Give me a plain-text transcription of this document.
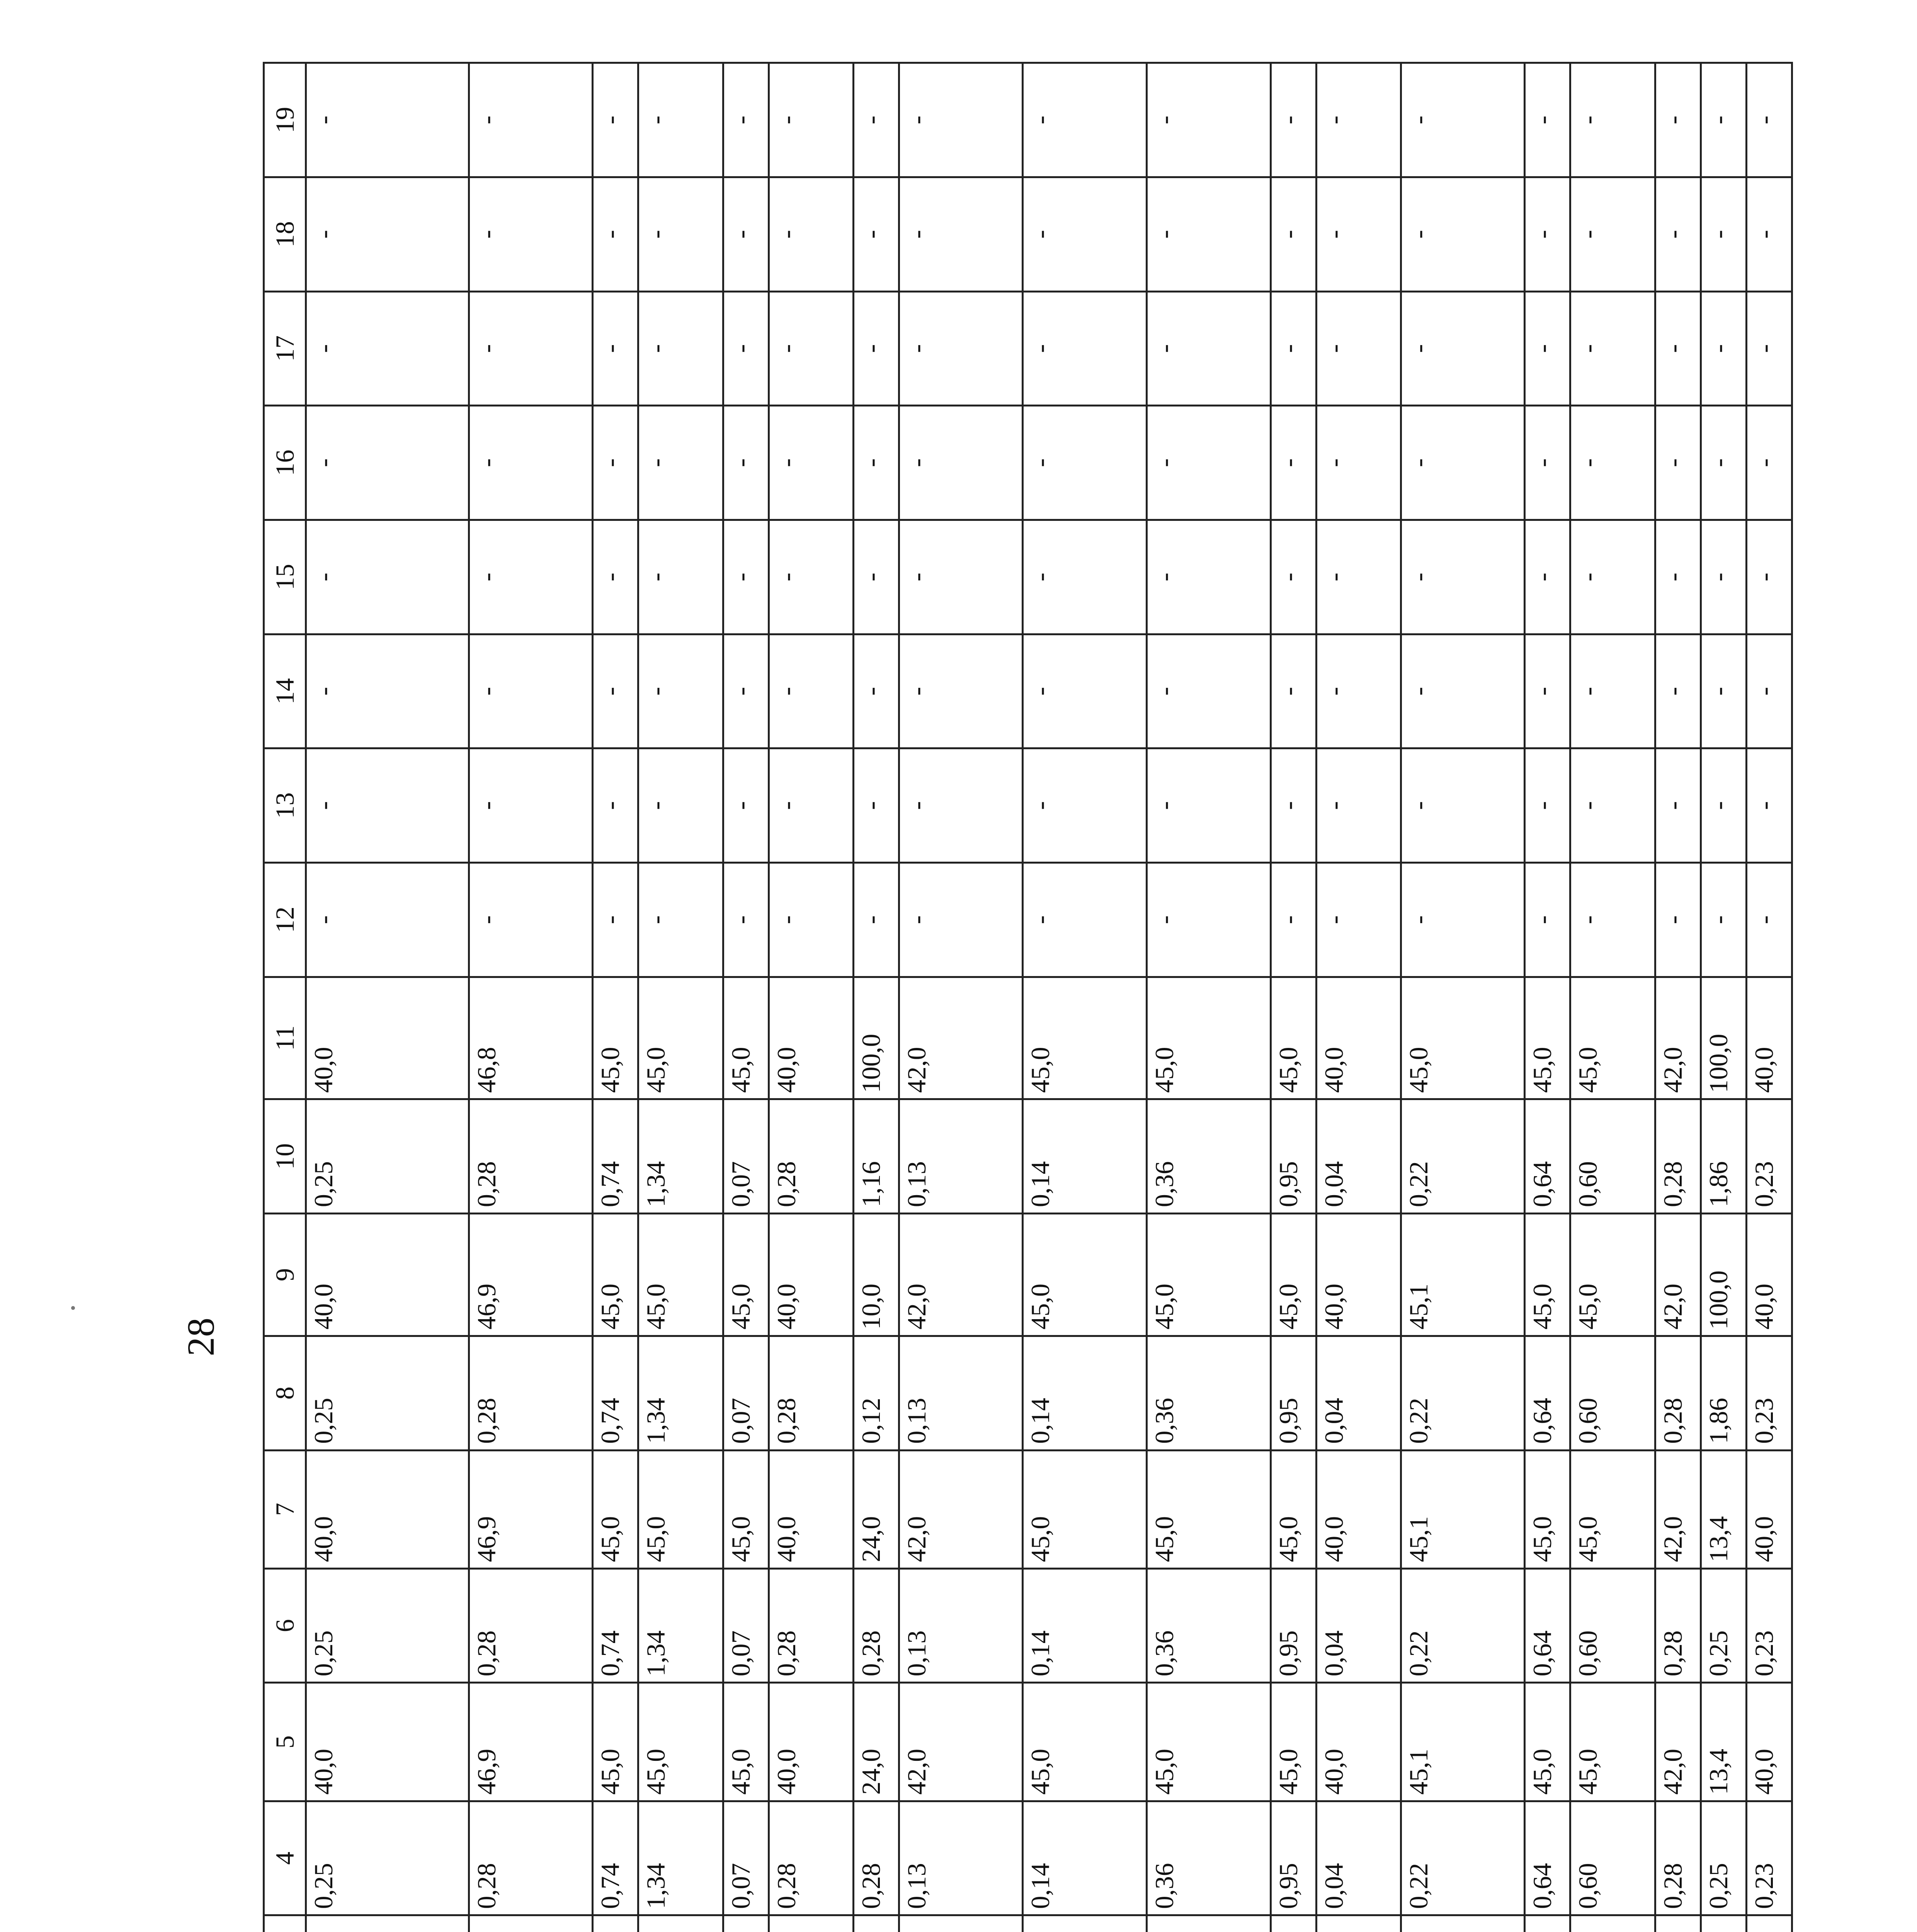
28
			4	5	6	7	8	9	10	11	12	13	14	15	16	17	18	19
			0,25	40,0	0,25	40,0	0,25	40,0	0,25	40,0	-	-	-	-	-	-	-	-
			0,28	46,9	0,28	46,9	0,28	46,9	0,28	46,8	-	-	-	-	-	-	-	-
			0,74	45,0	0,74	45,0	0,74	45,0	0,74	45,0	-	-	-	-	-	-	-	-
			1,34	45,0	1,34	45,0	1,34	45,0	1,34	45,0	-	-	-	-	-	-	-	-
			0,07	45,0	0,07	45,0	0,07	45,0	0,07	45,0	-	-	-	-	-	-	-	-
			0,28	40,0	0,28	40,0	0,28	40,0	0,28	40,0	-	-	-	-	-	-	-	-
			0,28	24,0	0,28	24,0	0,12	10,0	1,16	100,0	-	-	-	-	-	-	-	-
			0,13	42,0	0,13	42,0	0,13	42,0	0,13	42,0	-	-	-	-	-	-	-	-
			0,14	45,0	0,14	45,0	0,14	45,0	0,14	45,0	-	-	-	-	-	-	-	-
			0,36	45,0	0,36	45,0	0,36	45,0	0,36	45,0	-	-	-	-	-	-	-	-
			0,95	45,0	0,95	45,0	0,95	45,0	0,95	45,0	-	-	-	-	-	-	-	-
			0,04	40,0	0,04	40,0	0,04	40,0	0,04	40,0	-	-	-	-	-	-	-	-
			0,22	45,1	0,22	45,1	0,22	45,1	0,22	45,0	-	-	-	-	-	-	-	-
			0,64	45,0	0,64	45,0	0,64	45,0	0,64	45,0	-	-	-	-	-	-	-	-
			0,60	45,0	0,60	45,0	0,60	45,0	0,60	45,0	-	-	-	-	-	-	-	-
			0,28	42,0	0,28	42,0	0,28	42,0	0,28	42,0	-	-	-	-	-	-	-	-
			0,25	13,4	0,25	13,4	1,86	100,0	1,86	100,0	-	-	-	-	-	-	-	-
			0,23	40,0	0,23	40,0	0,23	40,0	0,23	40,0	-	-	-	-	-	-	-	-
